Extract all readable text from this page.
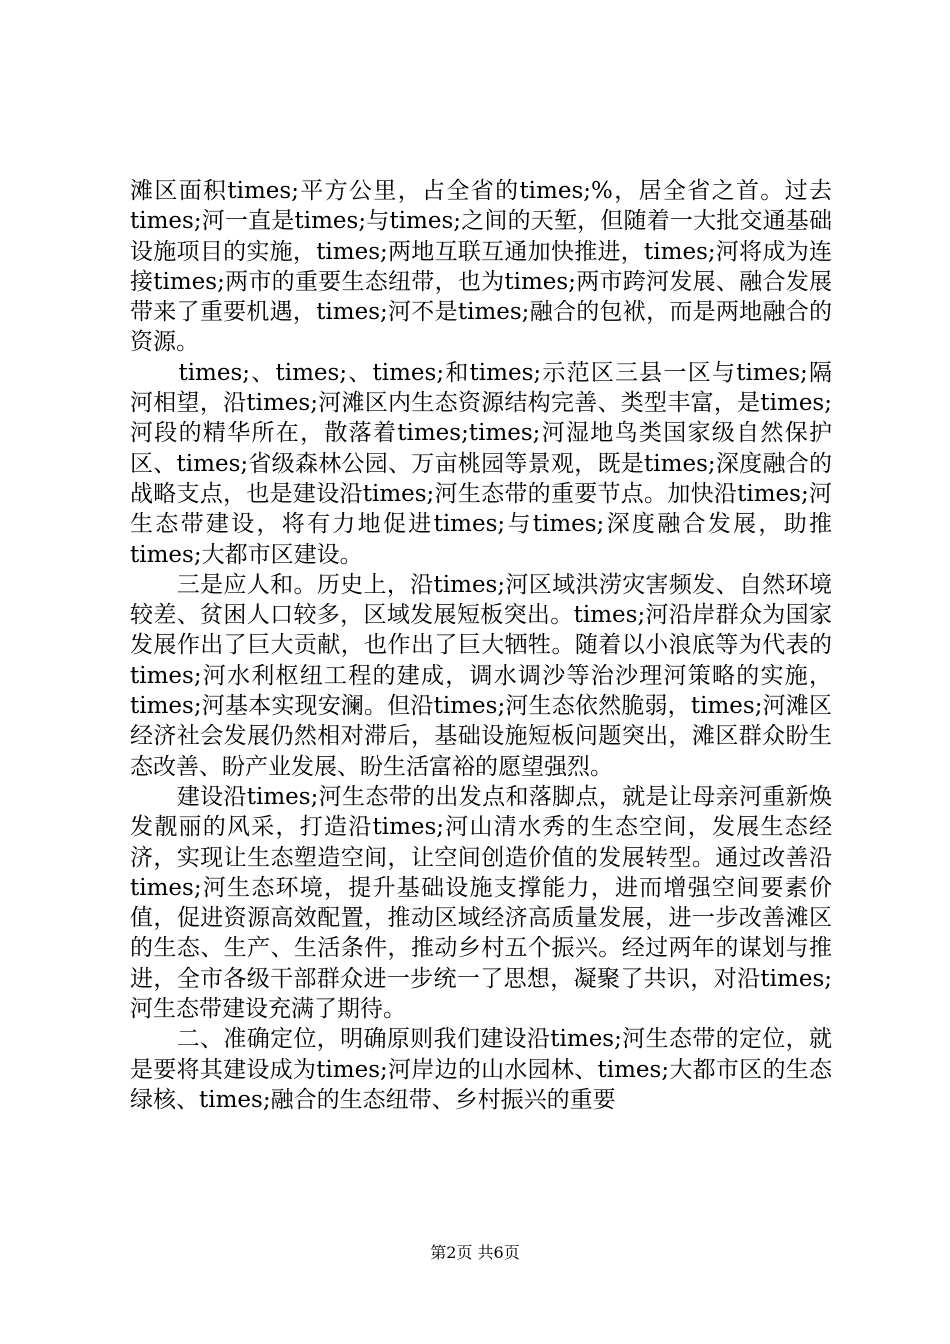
滩区面积times;平方公里，占全省的times;%，居全省之首。过去times;河一直是times;与times;之间的天堑，但随着一大批交通基础设施项目的实施，times;两地互联互通加快推进，times;河将成为连接times;两市的重要生态纽带，也为times;两市跨河发展、融合发展带来了重要机遇，times;河不是times;融合的包袱，而是两地融合的资源。

　　times;、times;、times;和times;示范区三县一区与times;隔河相望，沿times;河滩区内生态资源结构完善、类型丰富，是times;河段的精华所在，散落着times;times;河湿地鸟类国家级自然保护区、times;省级森林公园、万亩桃园等景观，既是times;深度融合的战略支点，也是建设沿times;河生态带的重要节点。加快沿times;河生态带建设，将有力地促进times;与times;深度融合发展，助推times;大都市区建设。

　　三是应人和。历史上，沿times;河区域洪涝灾害频发、自然环境较差、贫困人口较多，区域发展短板突出。times;河沿岸群众为国家发展作出了巨大贡献，也作出了巨大牺牲。随着以小浪底等为代表的times;河水利枢纽工程的建成，调水调沙等治沙理河策略的实施，times;河基本实现安澜。但沿times;河生态依然脆弱，times;河滩区经济社会发展仍然相对滞后，基础设施短板问题突出，滩区群众盼生态改善、盼产业发展、盼生活富裕的愿望强烈。

　　建设沿times;河生态带的出发点和落脚点，就是让母亲河重新焕发靓丽的风采，打造沿times;河山清水秀的生态空间，发展生态经济，实现让生态塑造空间，让空间创造价值的发展转型。通过改善沿times;河生态环境，提升基础设施支撑能力，进而增强空间要素价值，促进资源高效配置，推动区域经济高质量发展，进一步改善滩区的生态、生产、生活条件，推动乡村五个振兴。经过两年的谋划与推进，全市各级干部群众进一步统一了思想，凝聚了共识，对沿times;河生态带建设充满了期待。

　　二、准确定位，明确原则我们建设沿times;河生态带的定位，就是要将其建设成为times;河岸边的山水园林、times;大都市区的生态绿核、times;融合的生态纽带、乡村振兴的重要

第2页 共6页
